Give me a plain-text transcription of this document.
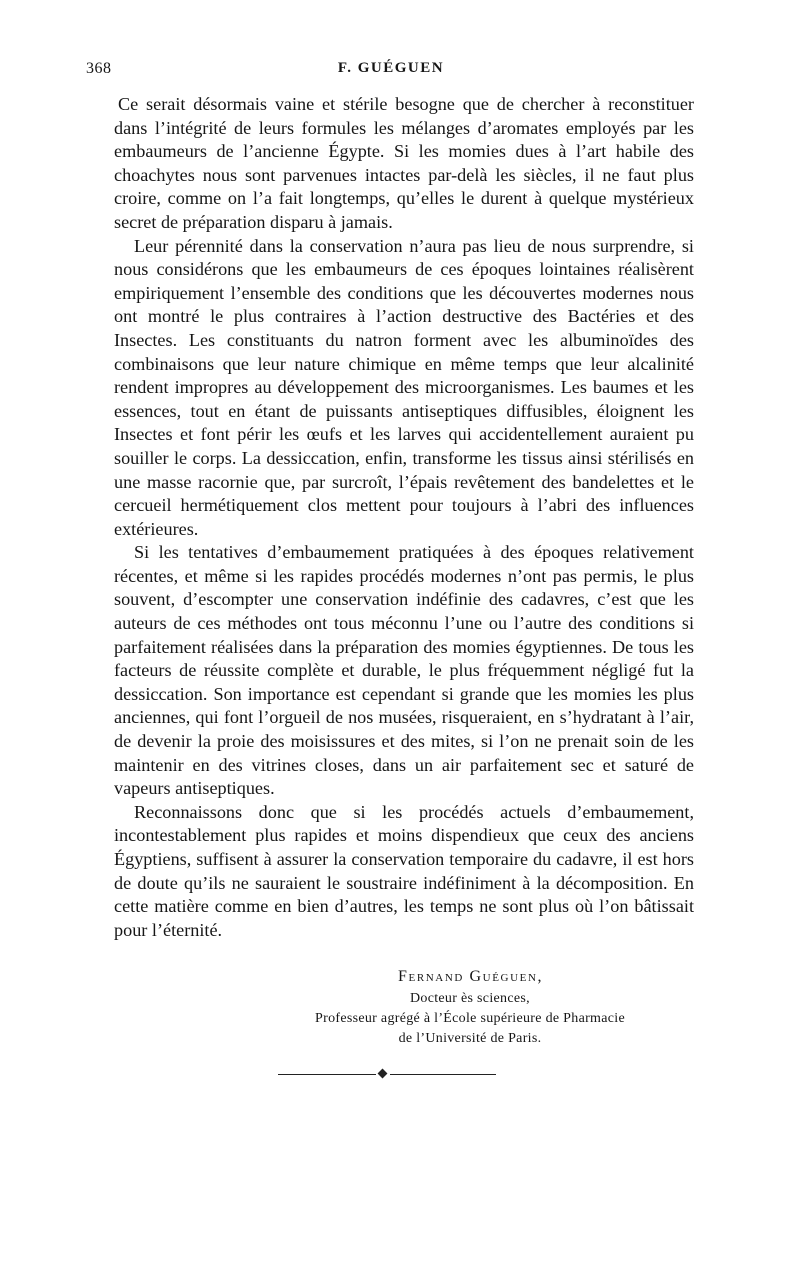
368	F. GUÉGUEN

Ce serait désormais vaine et stérile besogne que de chercher à reconstituer dans l’intégrité de leurs formules les mélanges d’aromates employés par les embaumeurs de l’ancienne Égypte. Si les momies dues à l’art habile des choachytes nous sont parvenues intactes par-delà les siècles, il ne faut plus croire, comme on l’a fait longtemps, qu’elles le durent à quelque mystérieux secret de préparation disparu à jamais.

Leur pérennité dans la conservation n’aura pas lieu de nous surprendre, si nous considérons que les embaumeurs de ces époques lointaines réalisèrent empiriquement l’ensemble des conditions que les découvertes modernes nous ont montré le plus contraires à l’action destructive des Bactéries et des Insectes. Les constituants du natron forment avec les albuminoïdes des combinaisons que leur nature chimique en même temps que leur alcalinité rendent impropres au développement des microorganismes. Les baumes et les essences, tout en étant de puissants antiseptiques diffusibles, éloignent les Insectes et font périr les œufs et les larves qui accidentellement auraient pu souiller le corps. La dessiccation, enfin, transforme les tissus ainsi stérilisés en une masse racornie que, par surcroît, l’épais revêtement des bandelettes et le cercueil hermétiquement clos mettent pour toujours à l’abri des influences extérieures.

Si les tentatives d’embaumement pratiquées à des époques relativement récentes, et même si les rapides procédés modernes n’ont pas permis, le plus souvent, d’escompter une conservation indéfinie des cadavres, c’est que les auteurs de ces méthodes ont tous méconnu l’une ou l’autre des conditions si parfaitement réalisées dans la préparation des momies égyptiennes. De tous les facteurs de réussite complète et durable, le plus fréquemment négligé fut la dessiccation. Son importance est cependant si grande que les momies les plus anciennes, qui font l’orgueil de nos musées, risqueraient, en s’hydratant à l’air, de devenir la proie des moisissures et des mites, si l’on ne prenait soin de les maintenir en des vitrines closes, dans un air parfaitement sec et saturé de vapeurs antiseptiques.

Reconnaissons donc que si les procédés actuels d’embaumement, incontestablement plus rapides et moins dispendieux que ceux des anciens Égyptiens, suffisent à assurer la conservation temporaire du cadavre, il est hors de doute qu’ils ne sauraient le soustraire indéfiniment à la décomposition. En cette matière comme en bien d’autres, les temps ne sont plus où l’on bâtissait pour l’éternité.

Fernand Guéguen,
Docteur ès sciences,
Professeur agrégé à l’École supérieure de Pharmacie
de l’Université de Paris.
